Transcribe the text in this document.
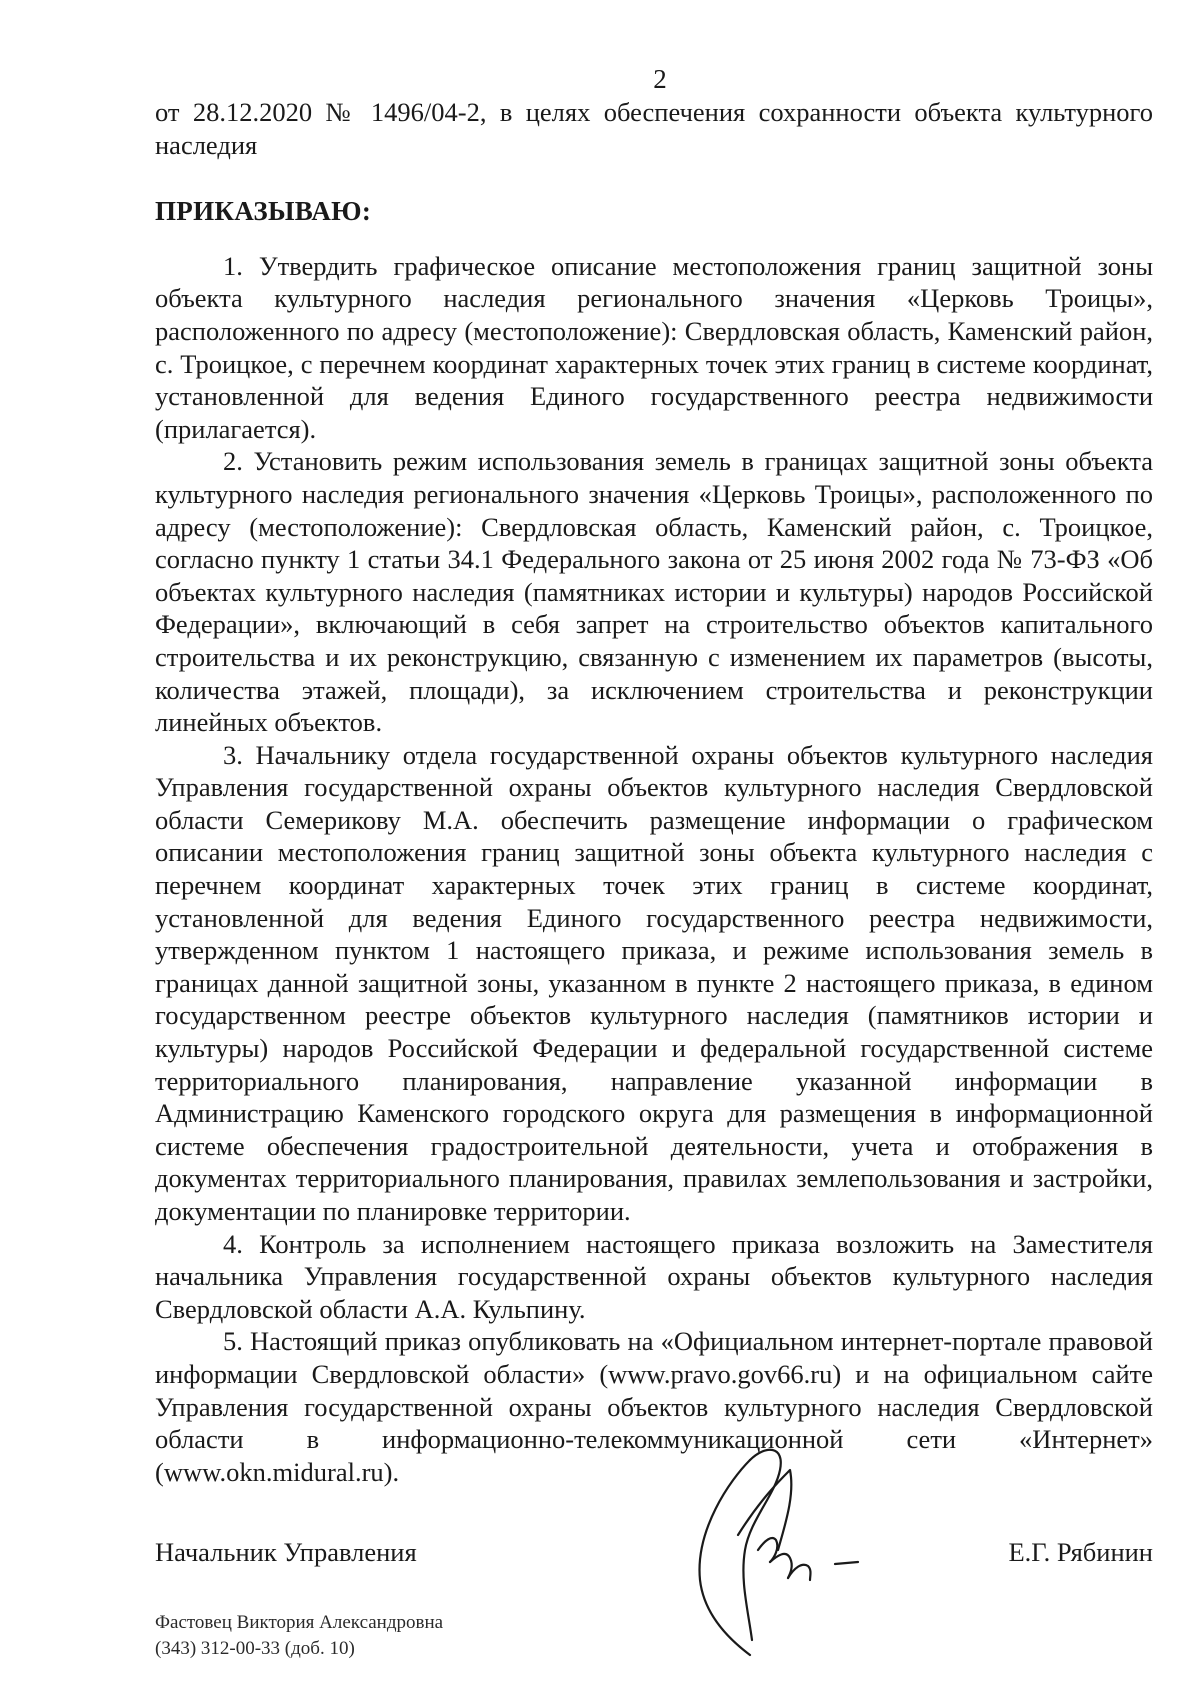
2

от 28.12.2020 № 1496/04-2, в целях обеспечения сохранности объекта культурного наследия

ПРИКАЗЫВАЮ:

1. Утвердить графическое описание местоположения границ защитной зоны объекта культурного наследия регионального значения «Церковь Троицы», расположенного по адресу (местоположение): Свердловская область, Каменский район, с. Троицкое, с перечнем координат характерных точек этих границ в системе координат, установленной для ведения Единого государственного реестра недвижимости (прилагается).

2. Установить режим использования земель в границах защитной зоны объекта культурного наследия регионального значения «Церковь Троицы», расположенного по адресу (местоположение): Свердловская область, Каменский район, с. Троицкое, согласно пункту 1 статьи 34.1 Федерального закона от 25 июня 2002 года № 73-ФЗ «Об объектах культурного наследия (памятниках истории и культуры) народов Российской Федерации», включающий в себя запрет на строительство объектов капитального строительства и их реконструкцию, связанную с изменением их параметров (высоты, количества этажей, площади), за исключением строительства и реконструкции линейных объектов.

3. Начальнику отдела государственной охраны объектов культурного наследия Управления государственной охраны объектов культурного наследия Свердловской области Семерикову М.А. обеспечить размещение информации о графическом описании местоположения границ защитной зоны объекта культурного наследия с перечнем координат характерных точек этих границ в системе координат, установленной для ведения Единого государственного реестра недвижимости, утвержденном пунктом 1 настоящего приказа, и режиме использования земель в границах данной защитной зоны, указанном в пункте 2 настоящего приказа, в едином государственном реестре объектов культурного наследия (памятников истории и культуры) народов Российской Федерации и федеральной государственной системе территориального планирования, направление указанной информации в Администрацию Каменского городского округа для размещения в информационной системе обеспечения градостроительной деятельности, учета и отображения в документах территориального планирования, правилах землепользования и застройки, документации по планировке территории.

4. Контроль за исполнением настоящего приказа возложить на Заместителя начальника Управления государственной охраны объектов культурного наследия Свердловской области А.А. Кульпину.

5. Настоящий приказ опубликовать на «Официальном интернет-портале правовой информации Свердловской области» (www.pravo.gov66.ru) и на официальном сайте Управления государственной охраны объектов культурного наследия Свердловской области в информационно-телекоммуникационной сети «Интернет» (www.okn.midural.ru).

Начальник Управления	Е.Г. Рябинин
Фастовец Виктория Александровна
(343) 312-00-33 (доб. 10)
